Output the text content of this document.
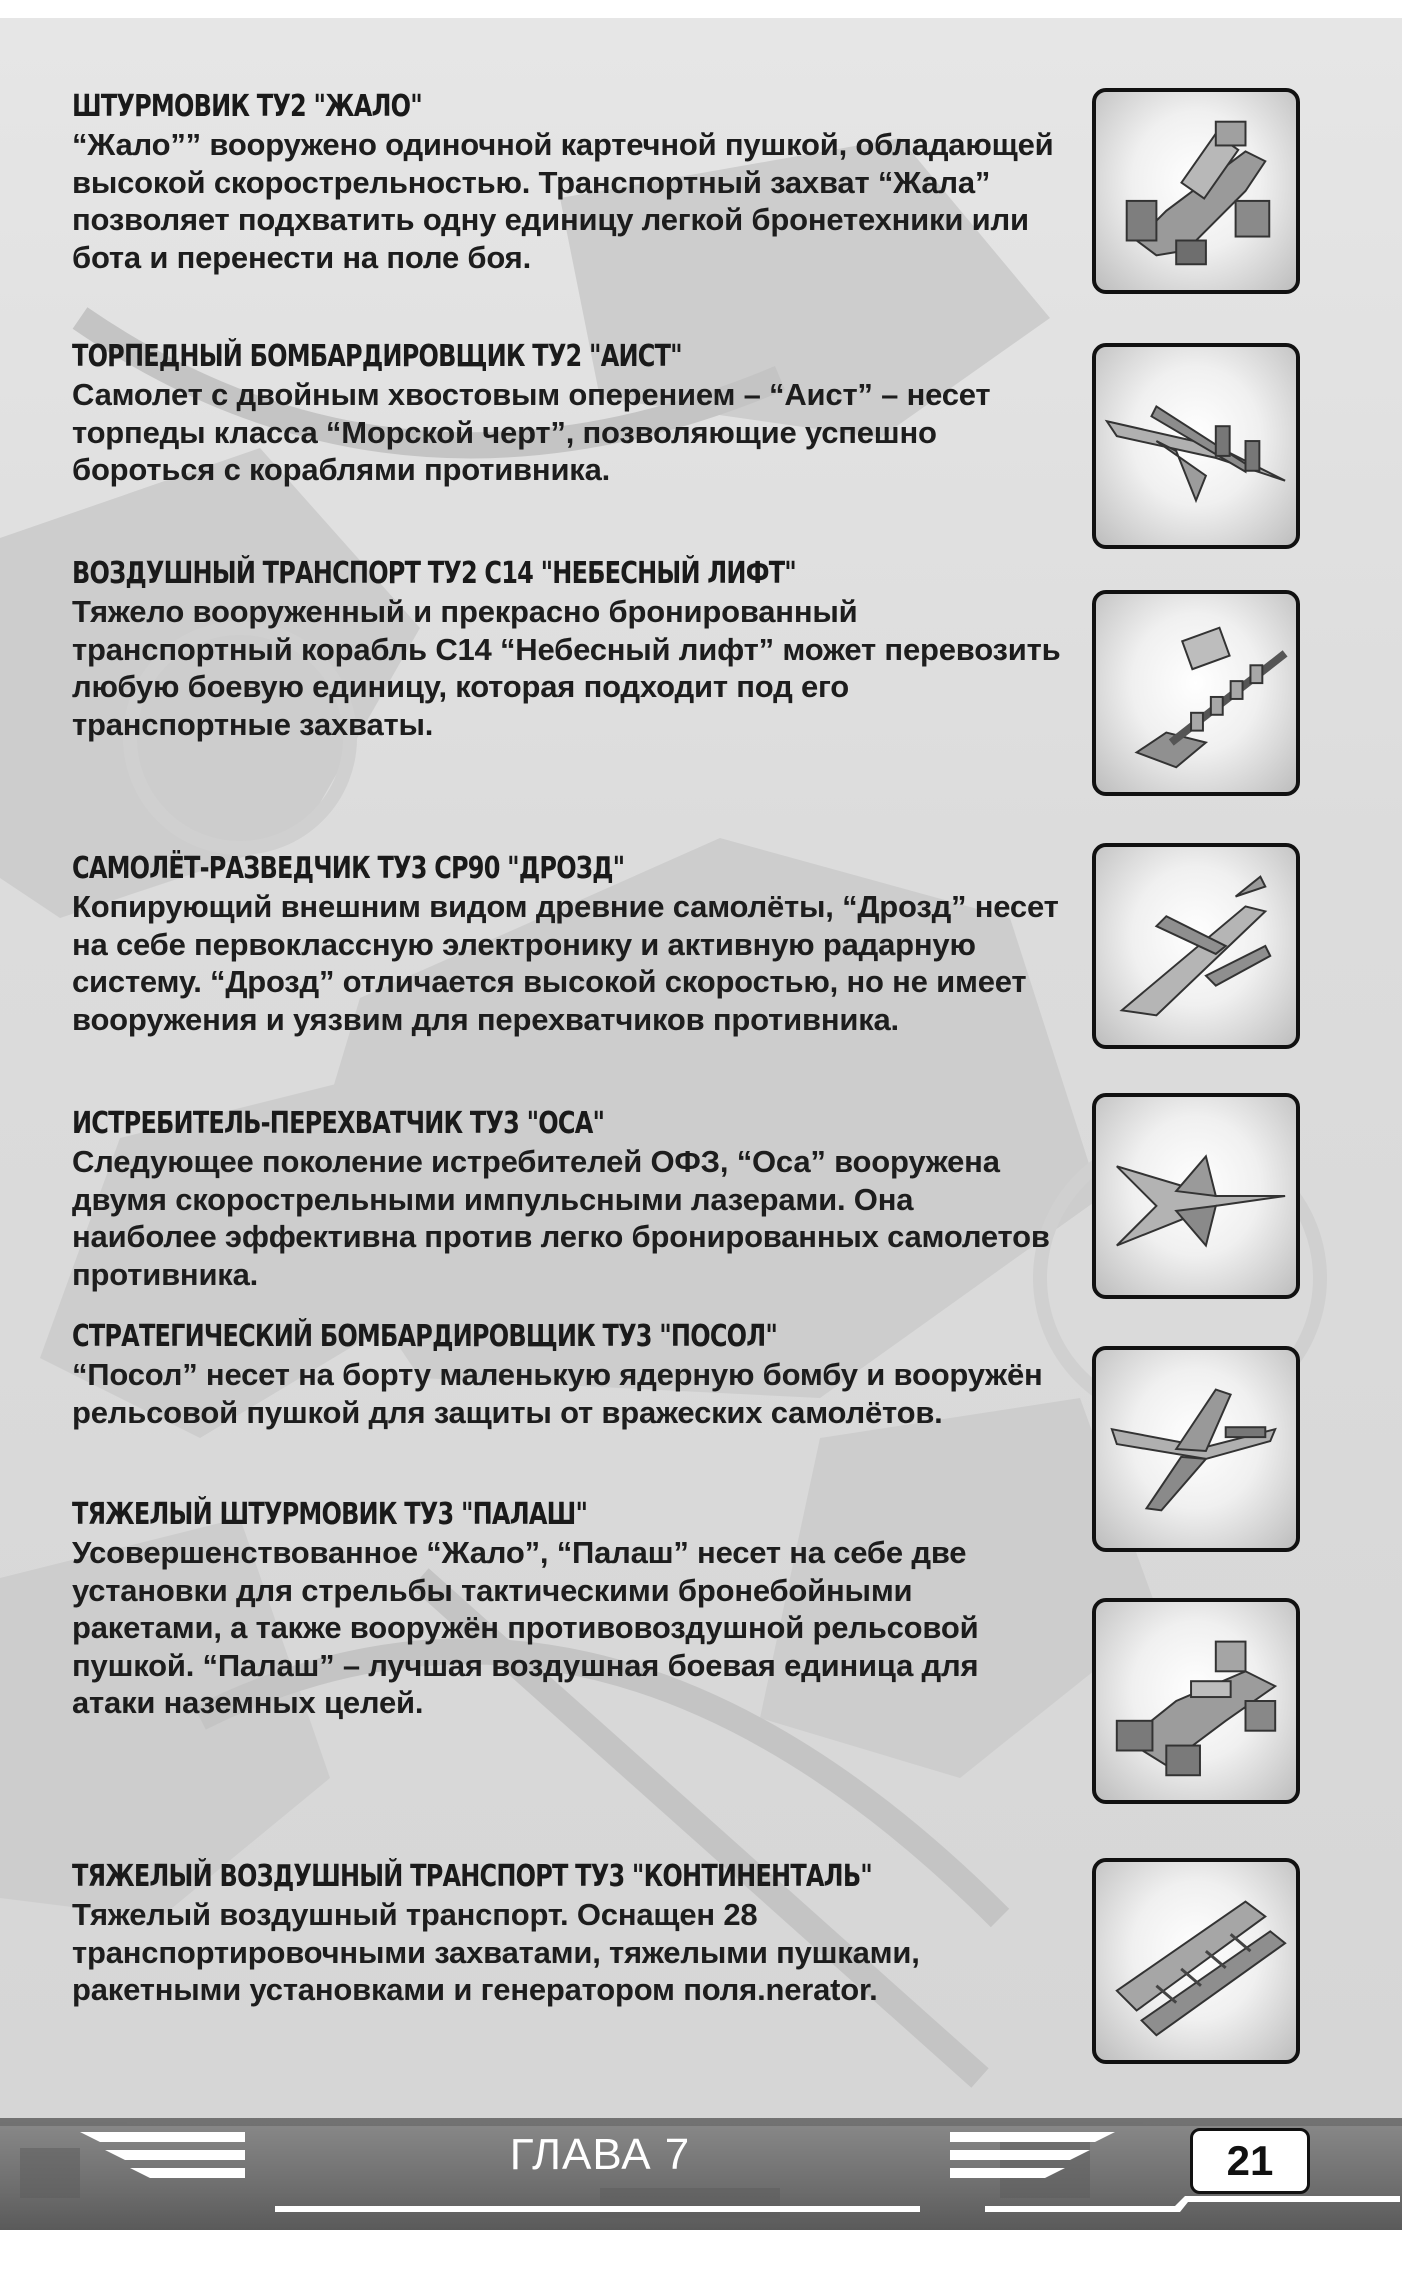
ШТУРМОВИК ТУ2 "ЖАЛО"

“Жало”” вооружено одиночной картечной пушкой, обладающей высокой скорострельностью. Транспортный захват “Жала” позволяет подхватить одну единицу легкой бронетехники или бота и перенести на поле боя.

ТОРПЕДНЫЙ БОМБАРДИРОВЩИК ТУ2 "АИСТ"

Самолет с двойным хвостовым оперением – “Аист” – несет торпеды класса “Морской черт”, позволяющие успешно бороться с кораблями противника.

ВОЗДУШНЫЙ ТРАНСПОРТ ТУ2 С14 "НЕБЕСНЫЙ ЛИФТ"

Тяжело вооруженный и прекрасно бронированный транспортный корабль С14 “Небесный лифт” может перевозить любую боевую единицу, которая подходит под его транспортные захваты.

САМОЛЁТ-РАЗВЕДЧИК ТУ3 СР90 "ДРОЗД"

Копирующий внешним видом древние самолёты, “Дрозд” несет на себе первоклассную электронику и активную радарную систему. “Дрозд” отличается высокой скоростью, но не имеет вооружения и уязвим для перехватчиков противника.

ИСТРЕБИТЕЛЬ-ПЕРЕХВАТЧИК ТУ3 "ОСА"

Следующее поколение истребителей ОФЗ, “Оса” вооружена двумя скорострельными импульсными лазерами. Она наиболее эффективна против легко бронированных самолетов противника.

СТРАТЕГИЧЕСКИЙ БОМБАРДИРОВЩИК ТУ3 "ПОСОЛ"

“Посол” несет на борту маленькую ядерную бомбу и вооружён рельсовой пушкой для защиты от вражеских самолётов.

ТЯЖЕЛЫЙ ШТУРМОВИК ТУ3 "ПАЛАШ"

Усовершенствованное “Жало”, “Палаш” несет на себе две установки для стрельбы тактическими бронебойными ракетами, а также вооружён противовоздушной рельсовой пушкой. “Палаш” – лучшая воздушная боевая единица для атаки наземных целей.

ТЯЖЕЛЫЙ ВОЗДУШНЫЙ ТРАНСПОРТ ТУ3 "КОНТИНЕНТАЛЬ"

Тяжелый воздушный транспорт. Оснащен 28 транспортировочными захватами, тяжелыми пушками, ракетными установками и генератором поля.nerator.

ГЛАВА 7	21
